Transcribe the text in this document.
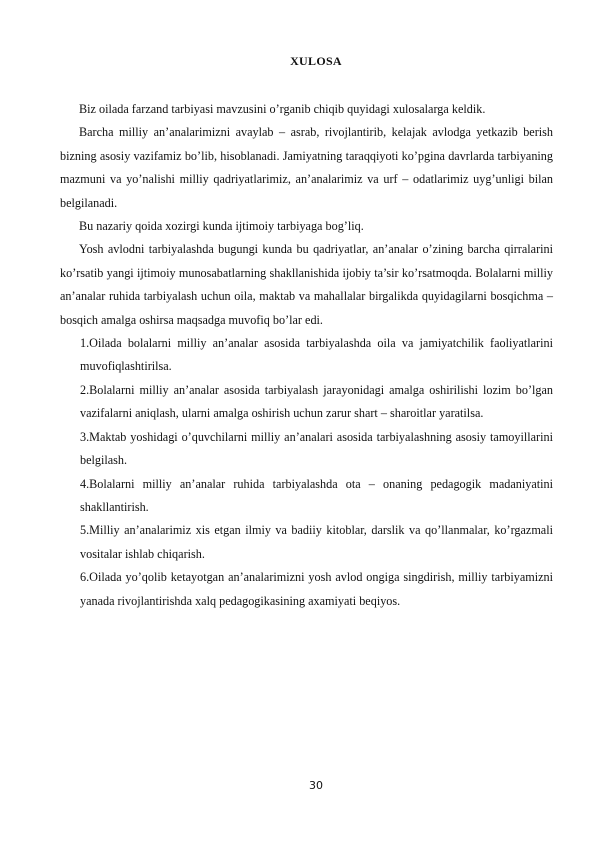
XULOSA

Biz oilada farzand tarbiyasi mavzusini o’rganib chiqib quyidagi xulosalarga keldik.

Barcha milliy an’analarimizni avaylab – asrab, rivojlantirib, kelajak avlodga yetkazib berish bizning asosiy vazifamiz bo’lib, hisoblanadi. Jamiyatning taraqqiyoti ko’pgina davrlarda tarbiyaning mazmuni va yo’nalishi milliy qadriyatlarimiz, an’analarimiz va urf – odatlarimiz uyg’unligi bilan belgilanadi.

Bu nazariy qoida xozirgi kunda ijtimoiy tarbiyaga bog’liq.

Yosh avlodni tarbiyalashda bugungi kunda bu qadriyatlar, an’analar o’zining barcha qirralarini ko’rsatib yangi ijtimoiy munosabatlarning shakllanishida ijobiy ta’sir ko’rsatmoqda. Bolalarni milliy an’analar ruhida tarbiyalash uchun oila, maktab va mahallalar birgalikda quyidagilarni bosqichma – bosqich amalga oshirsa maqsadga muvofiq bo’lar edi.

1.Oilada bolalarni milliy an’analar asosida tarbiyalashda oila va jamiyatchilik faoliyatlarini muvofiqlashtirilsa.
2.Bolalarni milliy an’analar asosida tarbiyalash jarayonidagi amalga oshirilishi lozim bo’lgan vazifalarni aniqlash, ularni amalga oshirish uchun zarur shart – sharoitlar yaratilsa.
3.Maktab yoshidagi o’quvchilarni milliy an’analari asosida tarbiyalashning asosiy tamoyillarini belgilash.
4.Bolalarni milliy an’analar ruhida tarbiyalashda ota – onaning pedagogik madaniyatini shakllantirish.
5.Milliy an’analarimiz xis etgan ilmiy va badiiy kitoblar, darslik va qo’llanmalar, ko’rgazmali vositalar ishlab chiqarish.
6.Oilada yo’qolib ketayotgan an’analarimizni yosh avlod ongiga singdirish, milliy tarbiyamizni yanada rivojlantirishda xalq pedagogikasining axamiyati beqiyos.
30
